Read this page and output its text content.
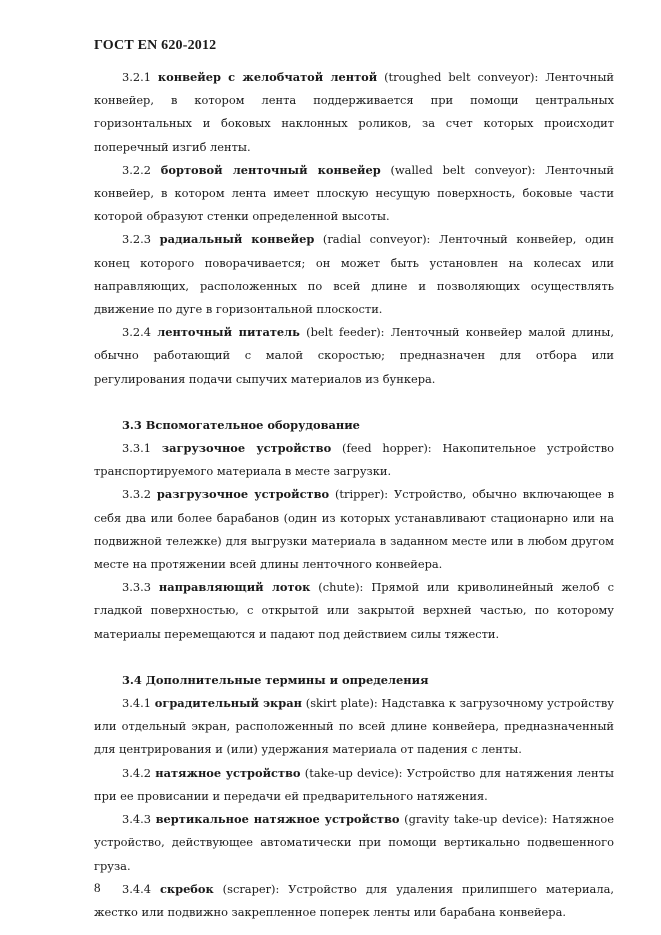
ГОСТ EN 620-2012

3.2.1 конвейер с желобчатой лентой (troughed belt conveyor): Ленточный конвейер, в котором лента поддерживается при помощи центральных горизонтальных и боковых наклонных роликов, за счет которых происходит поперечный изгиб ленты.

3.2.2 бортовой ленточный конвейер (walled belt conveyor): Ленточный конвейер, в котором лента имеет плоскую несущую поверхность, боковые части которой образуют стенки определенной высоты.

3.2.3 радиальный конвейер (radial conveyor): Ленточный конвейер, один конец которого поворачивается; он может быть установлен на колесах или направляющих, расположенных по всей длине и позволяющих осуществлять движение по дуге в горизонтальной плоскости.

3.2.4 ленточный питатель (belt feeder): Ленточный конвейер малой длины, обычно работающий с малой скоростью; предназначен для отбора или регулирования подачи сыпучих материалов из бункера.

3.3 Вспомогательное оборудование

3.3.1 загрузочное устройство (feed hopper): Накопительное устройство транспортируемого материала в месте загрузки.

3.3.2 разгрузочное устройство (tripper): Устройство, обычно включающее в себя два или более барабанов (один из которых устанавливают стационарно или на подвижной тележке) для выгрузки материала в заданном месте или в любом другом месте на протяжении всей длины ленточного конвейера.

3.3.3 направляющий лоток (chute): Прямой или криволинейный желоб с гладкой поверхностью, с открытой или закрытой верхней частью, по которому материалы перемещаются и падают под действием силы тяжести.

3.4 Дополнительные термины и определения

3.4.1 оградительный экран (skirt plate): Надставка к загрузочному устройству или отдельный экран, расположенный по всей длине конвейера, предназначенный для центрирования и (или) удержания материала от падения с ленты.

3.4.2 натяжное устройство (take-up device): Устройство для натяжения ленты при ее провисании и передачи ей предварительного натяжения.

3.4.3 вертикальное натяжное устройство (gravity take-up device): Натяжное устройство, действующее автоматически при помощи вертикально подвешенного груза.

3.4.4 скребок (scraper): Устройство для удаления прилипшего материала, жестко или подвижно закрепленное поперек ленты или барабана конвейера.

8
